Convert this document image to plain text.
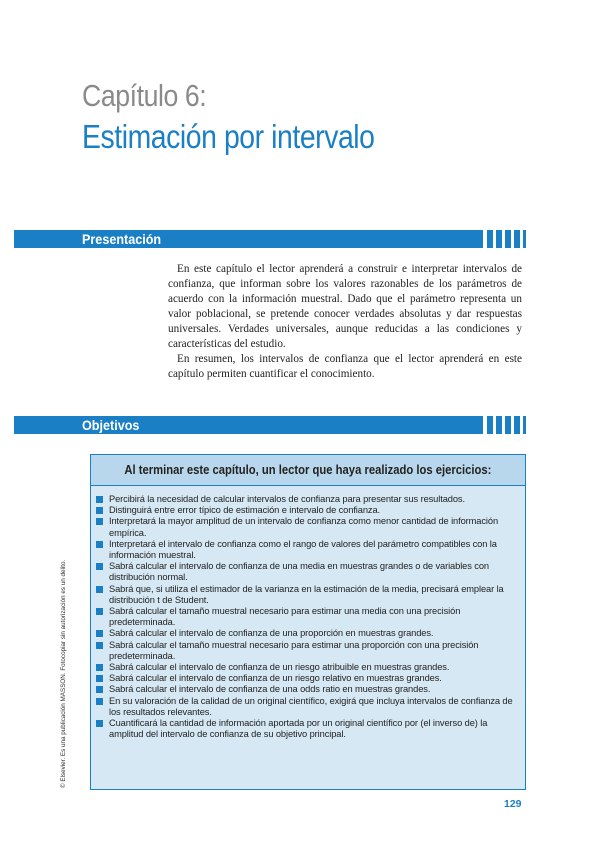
Capítulo 6:
Estimación por intervalo
Presentación

En este capítulo el lector aprenderá a construir e interpretar intervalos de confianza, que informan sobre los valores razonables de los parámetros de acuerdo con la información muestral. Dado que el parámetro representa un valor poblacional, se pretende conocer verdades absolutas y dar respuestas universales. Verdades universales, aunque reducidas a las condiciones y características del estudio.

En resumen, los intervalos de confianza que el lector aprenderá en este capítulo permiten cuantificar el conocimiento.

Objetivos
Al terminar este capítulo, un lector que haya realizado los ejercicios:
Percibirá la necesidad de calcular intervalos de confianza para presentar sus resultados.
Distinguirá entre error típico de estimación e intervalo de confianza.
Interpretará la mayor amplitud de un intervalo de confianza como menor cantidad de información empírica.
Interpretará el intervalo de confianza como el rango de valores del parámetro compatibles con la información muestral.
Sabrá calcular el intervalo de confianza de una media en muestras grandes o de variables con distribución normal.
Sabrá que, si utiliza el estimador de la varianza en la estimación de la media, precisará emplear la distribución t de Student.
Sabrá calcular el tamaño muestral necesario para estimar una media con una precisión predeterminada.
Sabrá calcular el intervalo de confianza de una proporción en muestras grandes.
Sabrá calcular el tamaño muestral necesario para estimar una proporción con una precisión predeterminada.
Sabrá calcular el intervalo de confianza de un riesgo atribuible en muestras grandes.
Sabrá calcular el intervalo de confianza de un riesgo relativo en muestras grandes.
Sabrá calcular el intervalo de confianza de una odds ratio en muestras grandes.
En su valoración de la calidad de un original científico, exigirá que incluya intervalos de confianza de los resultados relevantes.
Cuantificará la cantidad de información aportada por un original científico por (el inverso de) la amplitud del intervalo de confianza de su objetivo principal.
© Elsevier. Es una publicación MASSON. Fotocopiar sin autorización es un delito.
129
